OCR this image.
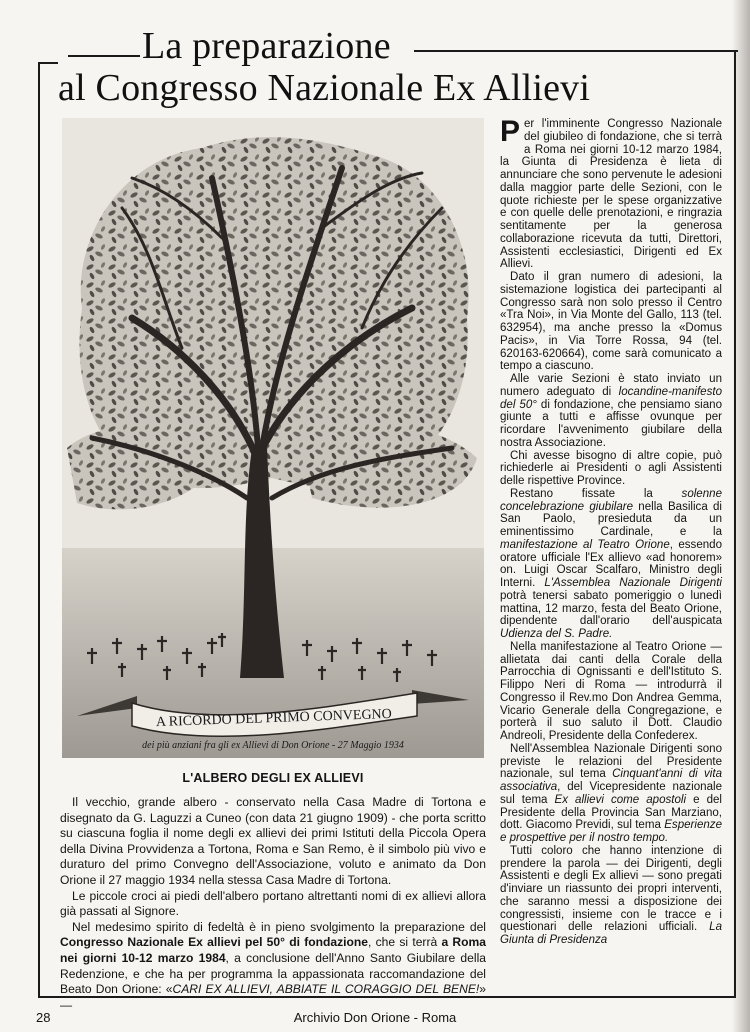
La preparazione
al Congresso Nazionale Ex Allievi
A RICORDO DEL PRIMO CONVEGNO
dei più anziani fra gli ex Allievi di Don Orione - 27 Maggio 1934
L'ALBERO DEGLI EX ALLIEVI

Il vecchio, grande albero - conservato nella Casa Madre di Tortona e disegnato da G. Laguzzi a Cuneo (con data 21 giugno 1909) - che porta scritto su ciascuna foglia il nome degli ex allievi dei primi Istituti della Piccola Opera della Divina Provvidenza a Tortona, Roma e San Remo, è il simbolo più vivo e duraturo del primo Convegno dell'Associazione, voluto e animato da Don Orione il 27 maggio 1934 nella stessa Casa Madre di Tortona.

Le piccole croci ai piedi dell'albero portano altrettanti nomi di ex allievi allora già passati al Signore.

Nel medesimo spirito di fedeltà è in pieno svolgimento la preparazione del Congresso Nazionale Ex allievi pel 50° di fondazione, che si terrà a Roma nei giorni 10-12 marzo 1984, a conclusione dell'Anno Santo Giubilare della Redenzione, e che ha per programma la appassionata raccomandazione del Beato Don Orione: «CARI EX ALLIEVI, ABBIATE IL CORAGGIO DEL BENE!» —

Per l'imminente Congresso Nazionale del giubileo di fondazione, che si terrà a Roma nei giorni 10-12 marzo 1984, la Giunta di Presidenza è lieta di annunciare che sono pervenute le adesioni dalla maggior parte delle Sezioni, con le quote richieste per le spese organizzative e con quelle delle prenotazioni, e ringrazia sentitamente per la generosa collaborazione ricevuta da tutti, Direttori, Assistenti ecclesiastici, Dirigenti ed Ex Allievi.

Dato il gran numero di adesioni, la sistemazione logistica dei partecipanti al Congresso sarà non solo presso il Centro «Tra Noi», in Via Monte del Gallo, 113 (tel. 632954), ma anche presso la «Domus Pacis», in Via Torre Rossa, 94 (tel. 620163-620664), come sarà comunicato a tempo a ciascuno.

Alle varie Sezioni è stato inviato un numero adeguato di locandine-manifesto del 50° di fondazione, che pensiamo siano giunte a tutti e affisse ovunque per ricordare l'avvenimento giubilare della nostra Associazione.

Chi avesse bisogno di altre copie, può richiederle ai Presidenti o agli Assistenti delle rispettive Province.

Restano fissate la solenne concelebrazione giubilare nella Basilica di San Paolo, presieduta da un eminentissimo Cardinale, e la manifestazione al Teatro Orione, essendo oratore ufficiale l'Ex allievo «ad honorem» on. Luigi Oscar Scalfaro, Ministro degli Interni. L'Assemblea Nazionale Dirigenti potrà tenersi sabato pomeriggio o lunedì mattina, 12 marzo, festa del Beato Orione, dipendente dall'orario dell'auspicata Udienza del S. Padre.

Nella manifestazione al Teatro Orione — allietata dai canti della Corale della Parrocchia di Ognissanti e dell'Istituto S. Filippo Neri di Roma — introdurrà il Congresso il Rev.mo Don Andrea Gemma, Vicario Generale della Congregazione, e porterà il suo saluto il Dott. Claudio Andreoli, Presidente della Confederex.

Nell'Assemblea Nazionale Dirigenti sono previste le relazioni del Presidente nazionale, sul tema Cinquant'anni di vita associativa, del Vicepresidente nazionale sul tema Ex allievi come apostoli e del Presidente della Provincia San Marziano, dott. Giacomo Previdi, sul tema Esperienze e prospettive per il nostro tempo.

Tutti coloro che hanno intenzione di prendere la parola — dei Dirigenti, degli Assistenti e degli Ex allievi — sono pregati d'inviare un riassunto dei propri interventi, che saranno messi a disposizione dei congressisti, insieme con le tracce e i questionari delle relazioni ufficiali. La Giunta di Presidenza

28	Archivio Don Orione - Roma
